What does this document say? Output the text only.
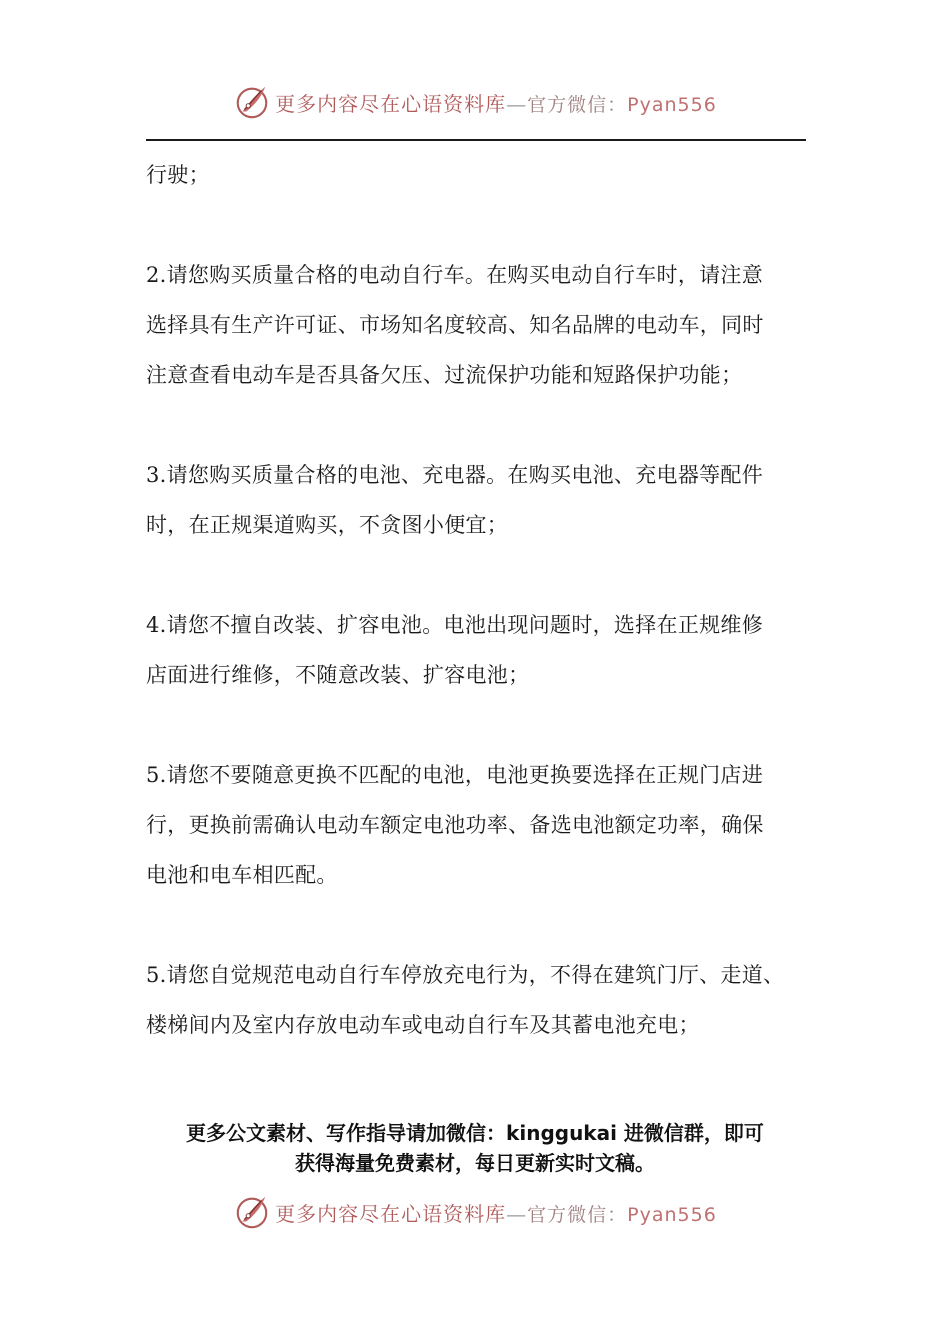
更多内容尽在心语资料库—官方微信：Pyan556
行驶；
2.请您购买质量合格的电动自行车。在购买电动自行车时，请注意
选择具有生产许可证、市场知名度较高、知名品牌的电动车，同时
注意查看电动车是否具备欠压、过流保护功能和短路保护功能；
3.请您购买质量合格的电池、充电器。在购买电池、充电器等配件
时，在正规渠道购买，不贪图小便宜；
4.请您不擅自改装、扩容电池。电池出现问题时，选择在正规维修
店面进行维修，不随意改装、扩容电池；
5.请您不要随意更换不匹配的电池，电池更换要选择在正规门店进
行，更换前需确认电动车额定电池功率、备选电池额定功率，确保
电池和电车相匹配。
5.请您自觉规范电动自行车停放充电行为，不得在建筑门厅、走道、
楼梯间内及室内存放电动车或电动自行车及其蓄电池充电；
更多公文素材、写作指导请加微信：kinggukai 进微信群，即可
获得海量免费素材，每日更新实时文稿。
更多内容尽在心语资料库—官方微信：Pyan556
